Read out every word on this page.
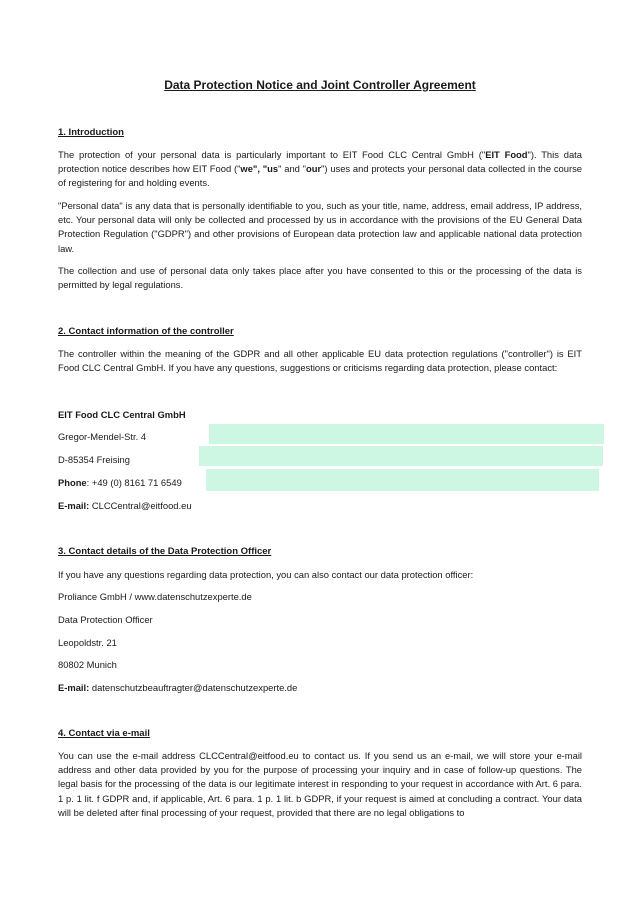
Data Protection Notice and Joint Controller Agreement
1. Introduction

The protection of your personal data is particularly important to EIT Food CLC Central GmbH ("EIT Food"). This data protection notice describes how EIT Food ("we", "us" and "our") uses and protects your personal data collected in the course of registering for and holding events.

"Personal data" is any data that is personally identifiable to you, such as your title, name, address, email address, IP address, etc. Your personal data will only be collected and processed by us in accordance with the provisions of the EU General Data Protection Regulation ("GDPR") and other provisions of European data protection law and applicable national data protection law.

The collection and use of personal data only takes place after you have consented to this or the processing of the data is permitted by legal regulations.

2. Contact information of the controller

The controller within the meaning of the GDPR and all other applicable EU data protection regulations ("controller") is EIT Food CLC Central GmbH. If you have any questions, suggestions or criticisms regarding data protection, please contact:

EIT Food CLC Central GmbH
Gregor-Mendel-Str. 4
D-85354 Freising
Phone: +49 (0) 8161 71 6549
E-mail: CLCCentral@eitfood.eu
3. Contact details of the Data Protection Officer
If you have any questions regarding data protection, you can also contact our data protection officer:
Proliance GmbH / www.datenschutzexperte.de
Data Protection Officer
Leopoldstr. 21
80802 Munich
E-mail: datenschutzbeauftragter@datenschutzexperte.de
4. Contact via e-mail

You can use the e-mail address CLCCentral@eitfood.eu to contact us. If you send us an e-mail, we will store your e-mail address and other data provided by you for the purpose of processing your inquiry and in case of follow-up questions. The legal basis for the processing of the data is our legitimate interest in responding to your request in accordance with Art. 6 para. 1 p. 1 lit. f GDPR and, if applicable, Art. 6 para. 1 p. 1 lit. b GDPR, if your request is aimed at concluding a contract. Your data will be deleted after final processing of your request, provided that there are no legal obligations to
